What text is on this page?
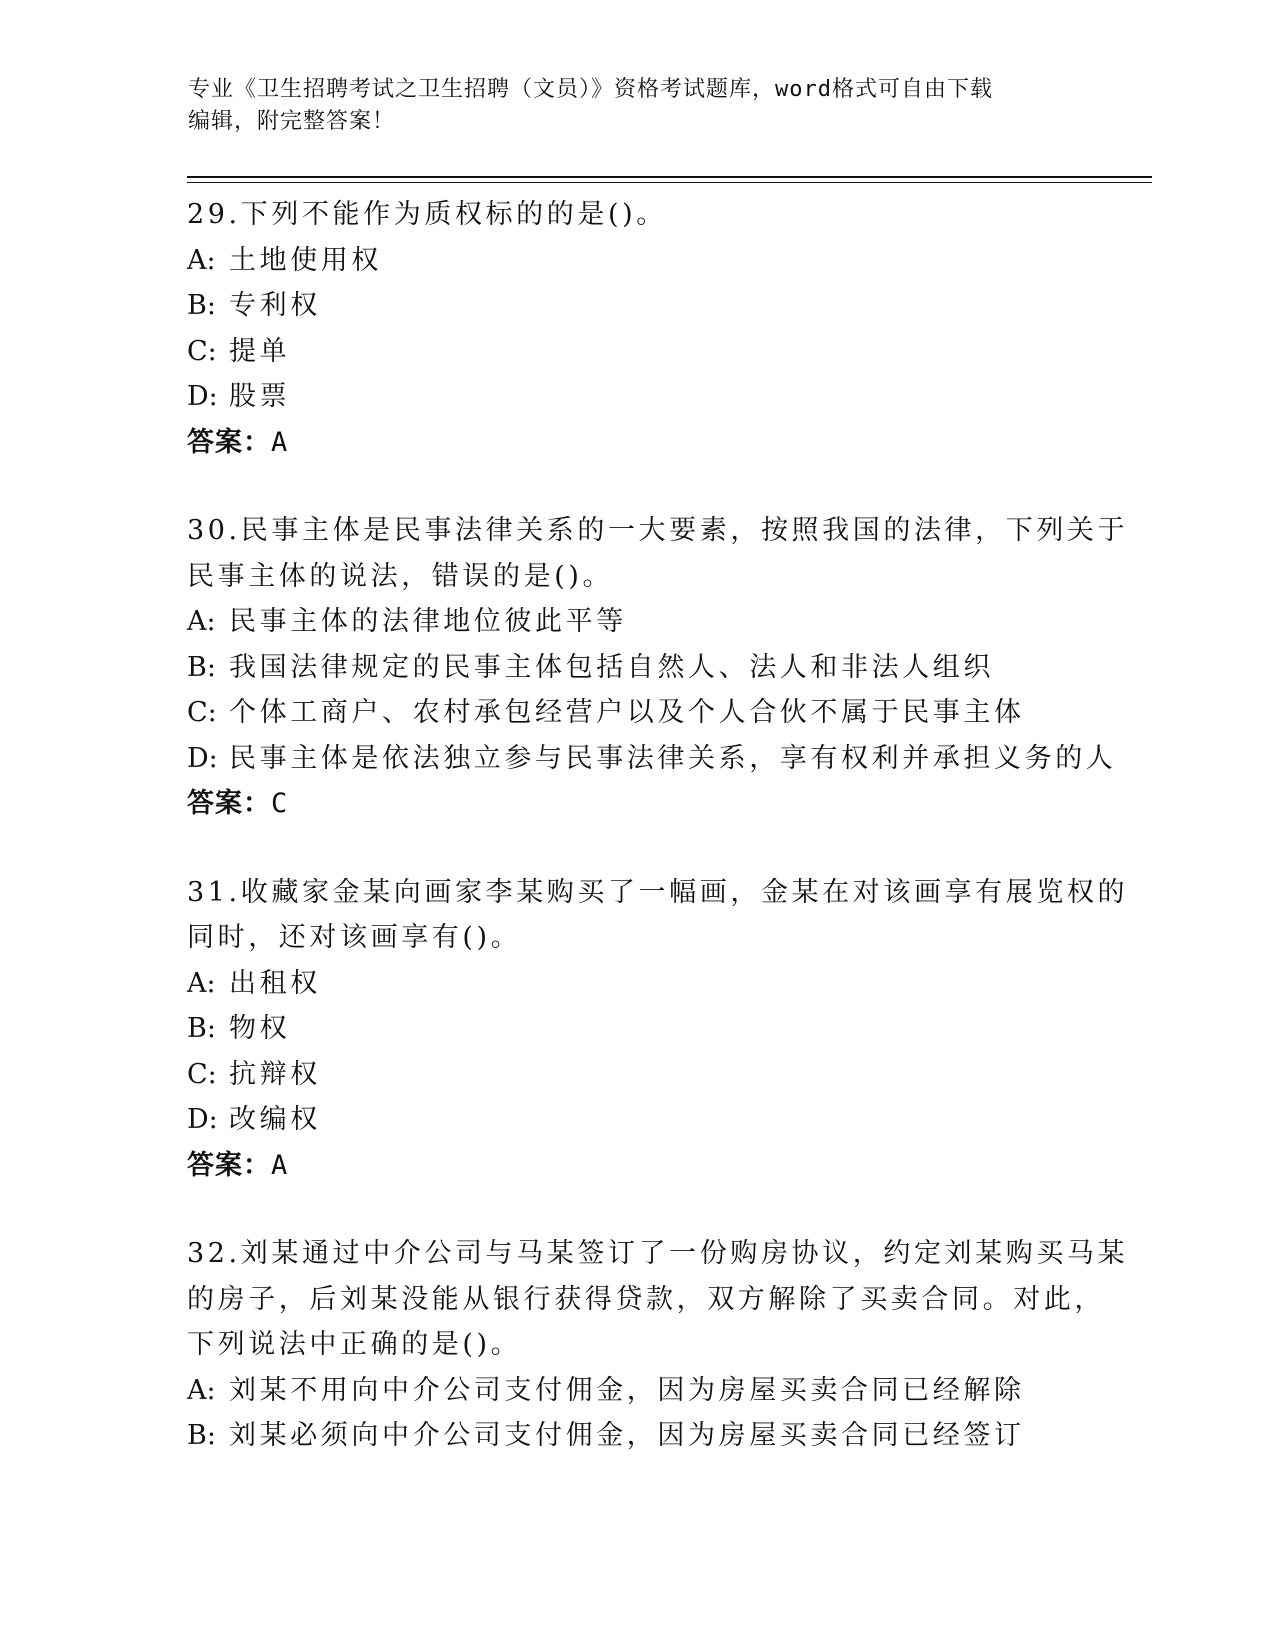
专业《卫生招聘考试之卫生招聘（文员）》资格考试题库，word格式可自由下载
编辑，附完整答案！
29.下列不能作为质权标的的是()。
A: 土地使用权
B: 专利权
C: 提单
D: 股票
答案：A
30.民事主体是民事法律关系的一大要素，按照我国的法律，下列关于
民事主体的说法，错误的是()。
A: 民事主体的法律地位彼此平等
B: 我国法律规定的民事主体包括自然人、法人和非法人组织
C: 个体工商户、农村承包经营户以及个人合伙不属于民事主体
D: 民事主体是依法独立参与民事法律关系，享有权利并承担义务的人
答案：C
31.收藏家金某向画家李某购买了一幅画，金某在对该画享有展览权的
同时，还对该画享有()。
A: 出租权
B: 物权
C: 抗辩权
D: 改编权
答案：A
32.刘某通过中介公司与马某签订了一份购房协议，约定刘某购买马某
的房子，后刘某没能从银行获得贷款，双方解除了买卖合同。对此，
下列说法中正确的是()。
A: 刘某不用向中介公司支付佣金，因为房屋买卖合同已经解除
B: 刘某必须向中介公司支付佣金，因为房屋买卖合同已经签订
